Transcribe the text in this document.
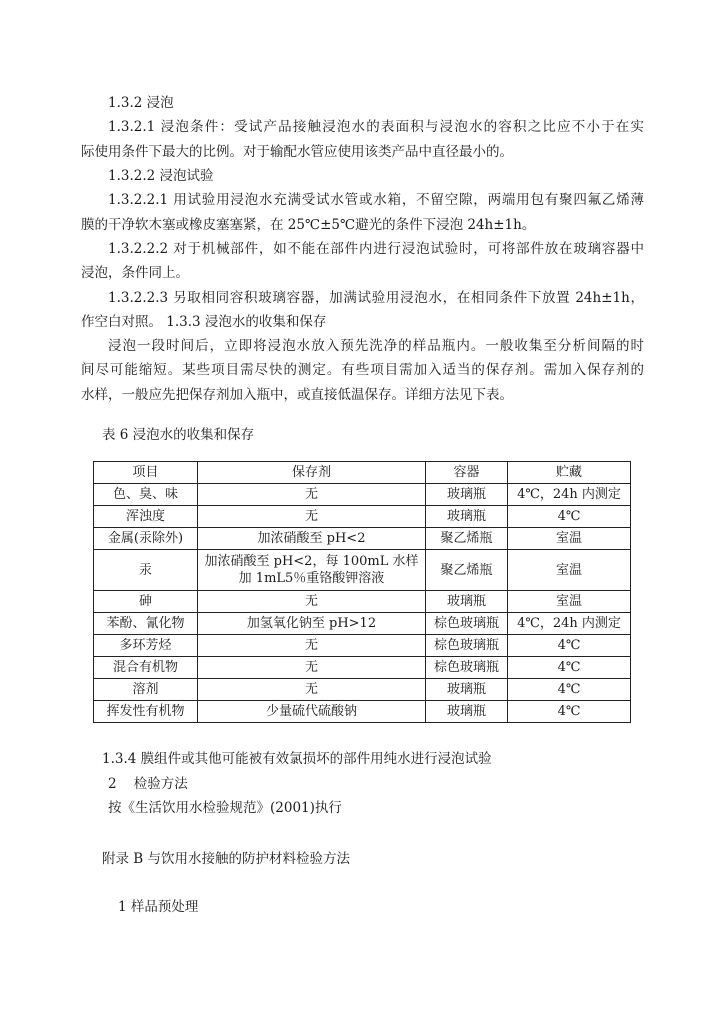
1.3.2 浸泡
1.3.2.1 浸泡条件：受试产品接触浸泡水的表面积与浸泡水的容积之比应不小于在实
际使用条件下最大的比例。对于输配水管应使用该类产品中直径最小的。
1.3.2.2 浸泡试验
1.3.2.2.1 用试验用浸泡水充满受试水管或水箱，不留空隙，两端用包有聚四氟乙烯薄
膜的干净软木塞或橡皮塞塞紧，在 25℃±5℃避光的条件下浸泡 24h±1h。
1.3.2.2.2 对于机械部件，如不能在部件内进行浸泡试验时，可将部件放在玻璃容器中
浸泡，条件同上。
1.3.2.2.3 另取相同容积玻璃容器，加满试验用浸泡水，在相同条件下放置 24h±1h，
作空白对照。 1.3.3 浸泡水的收集和保存
浸泡一段时间后，立即将浸泡水放入预先洗净的样品瓶内。一般收集至分析间隔的时
间尽可能缩短。某些项目需尽快的测定。有些项目需加入适当的保存剂。需加入保存剂的
水样，一般应先把保存剂加入瓶中，或直接低温保存。详细方法见下表。
表 6 浸泡水的收集和保存
项目	保存剂	容器	贮藏
色、臭、味	无	玻璃瓶	4℃，24h 内测定
浑浊度	无	玻璃瓶	4℃
金属(汞除外)	加浓硝酸至 pH<2	聚乙烯瓶	室温
汞	加浓硝酸至 pH<2，每 100mL 水样加 1mL5％重铬酸钾溶液	聚乙烯瓶	室温
砷	无	玻璃瓶	室温
苯酚、氰化物	加氢氧化钠至 pH>12	棕色玻璃瓶	4℃，24h 内测定
多环芳烃	无	棕色玻璃瓶	4℃
混合有机物	无	棕色玻璃瓶	4℃
溶剂	无	玻璃瓶	4℃
挥发性有机物	少量硫代硫酸钠	玻璃瓶	4℃
1.3.4 膜组件或其他可能被有效氯损坏的部件用纯水进行浸泡试验
2    检验方法
按《生活饮用水检验规范》(2001)执行
附录 B 与饮用水接触的防护材料检验方法
1 样品预处理
